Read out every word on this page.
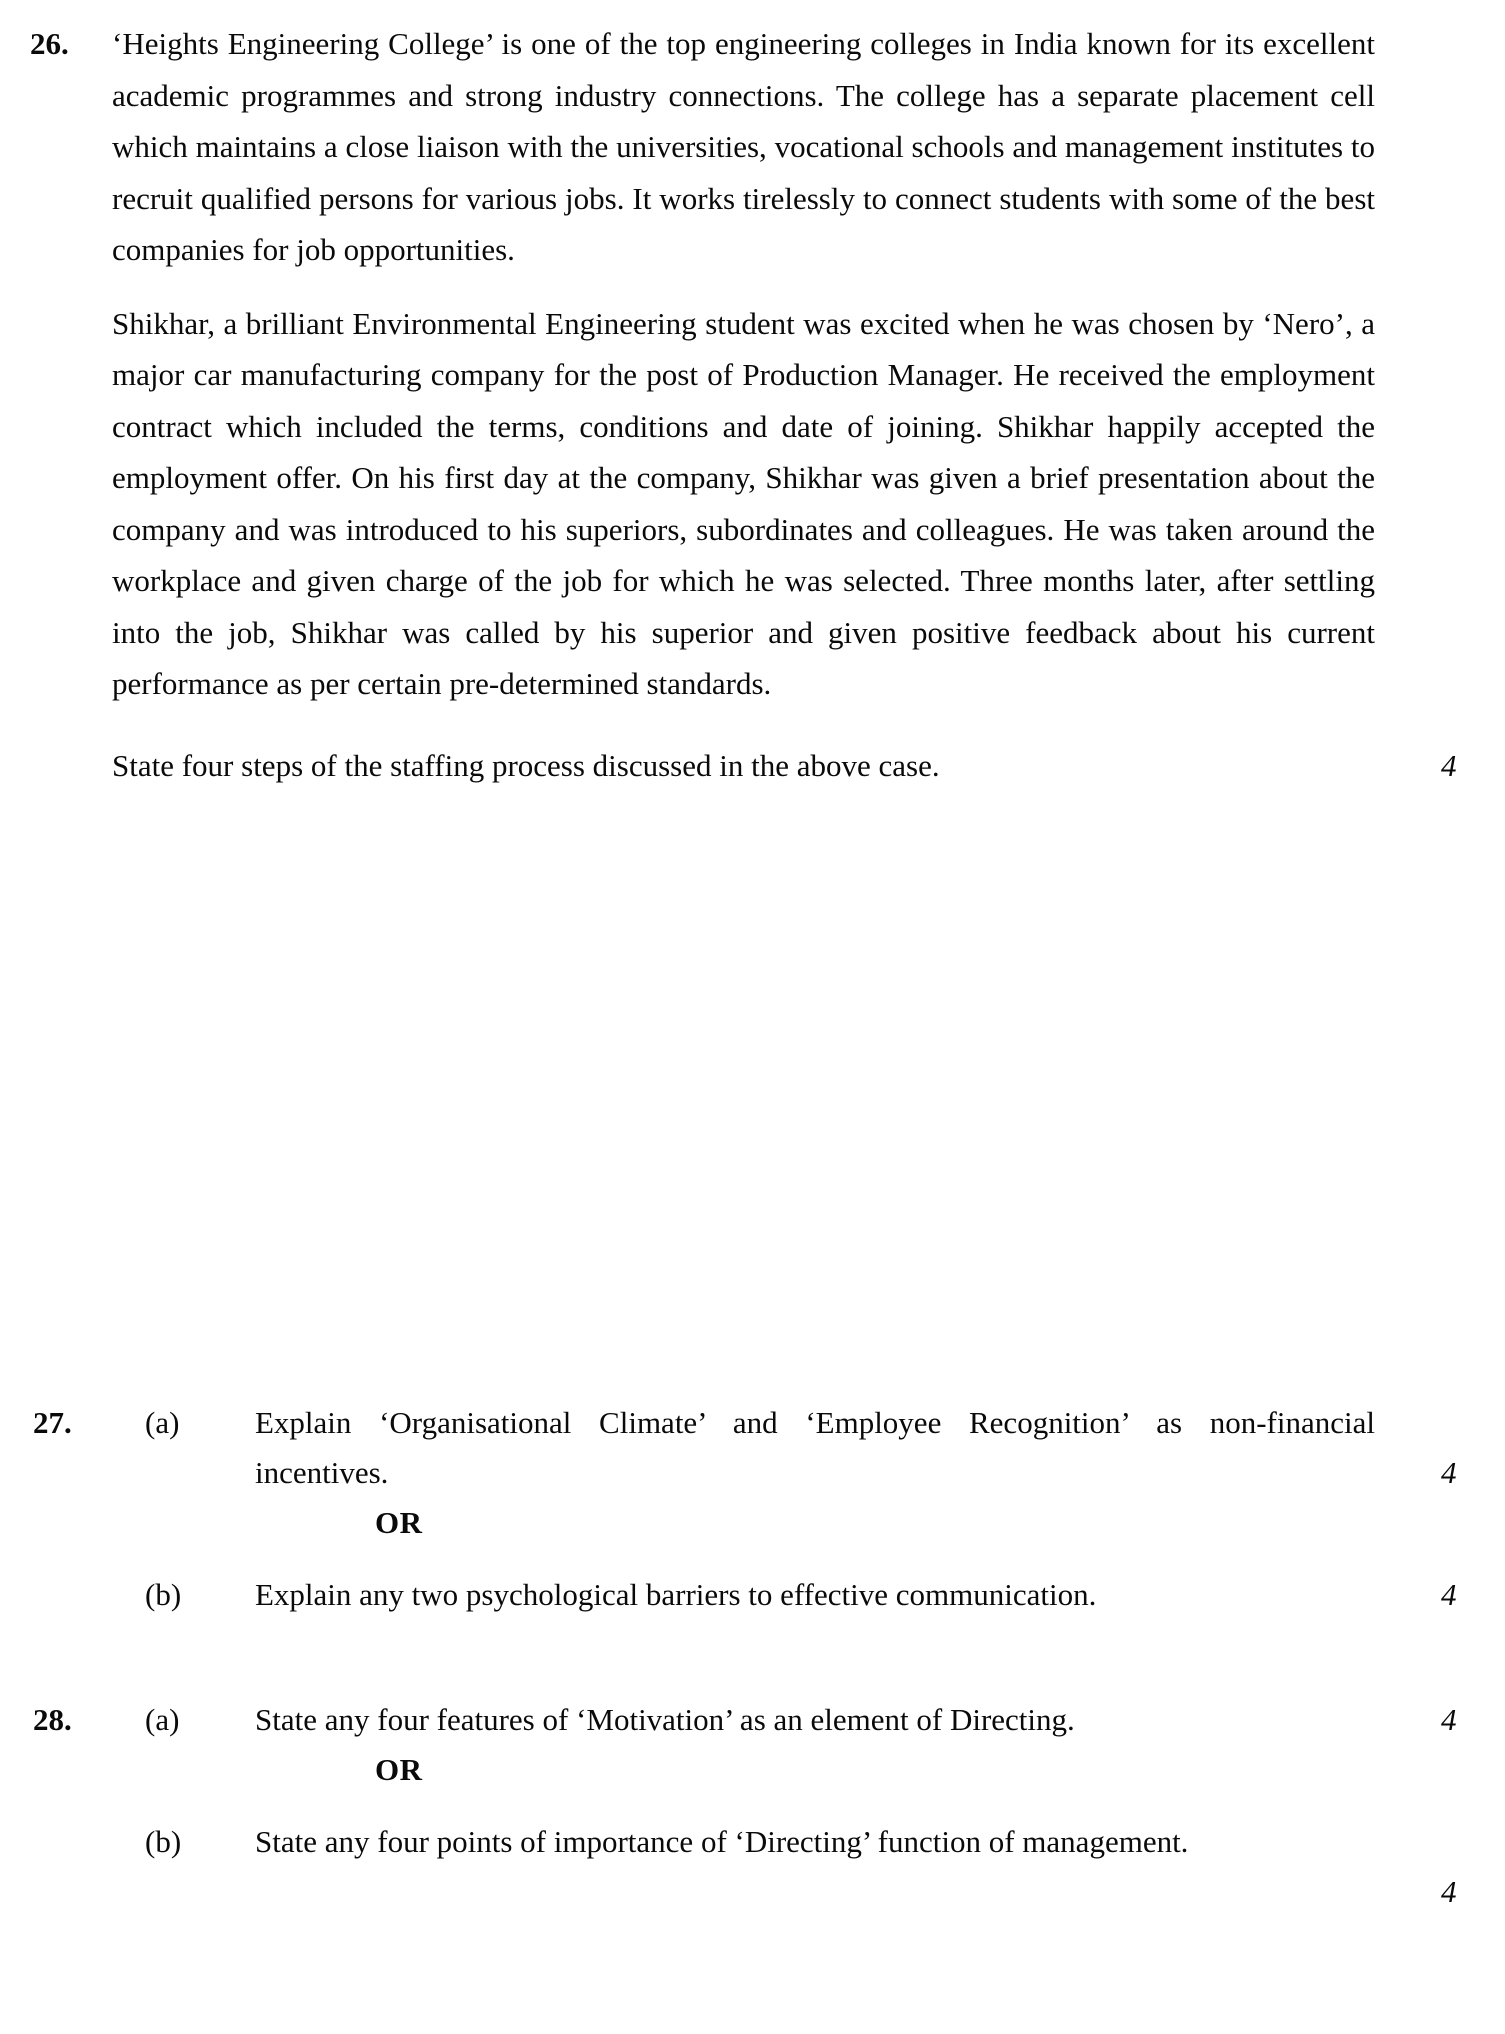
26.	‘Heights Engineering College’ is one of the top engineering colleges in India known for its excellent academic programmes and strong industry connections. The college has a separate placement cell which maintains a close liaison with the universities, vocational schools and management institutes to recruit qualified persons for various jobs. It works tirelessly to connect students with some of the best companies for job opportunities.

Shikhar, a brilliant Environmental Engineering student was excited when he was chosen by ‘Nero’, a major car manufacturing company for the post of Production Manager. He received the employment contract which included the terms, conditions and date of joining. Shikhar happily accepted the employment offer. On his first day at the company, Shikhar was given a brief presentation about the company and was introduced to his superiors, subordinates and colleagues. He was taken around the workplace and given charge of the job for which he was selected. Three months later, after settling into the job, Shikhar was called by his superior and given positive feedback about his current performance as per certain pre-determined standards.

State four steps of the staffing process discussed in the above case.	4
27. (a) Explain ‘Organisational Climate’ and ‘Employee Recognition’ as non-financial incentives.	4
OR
(b) Explain any two psychological barriers to effective communication.	4
28. (a) State any four features of ‘Motivation’ as an element of Directing.	4
OR
(b) State any four points of importance of ‘Directing’ function of management.
4
